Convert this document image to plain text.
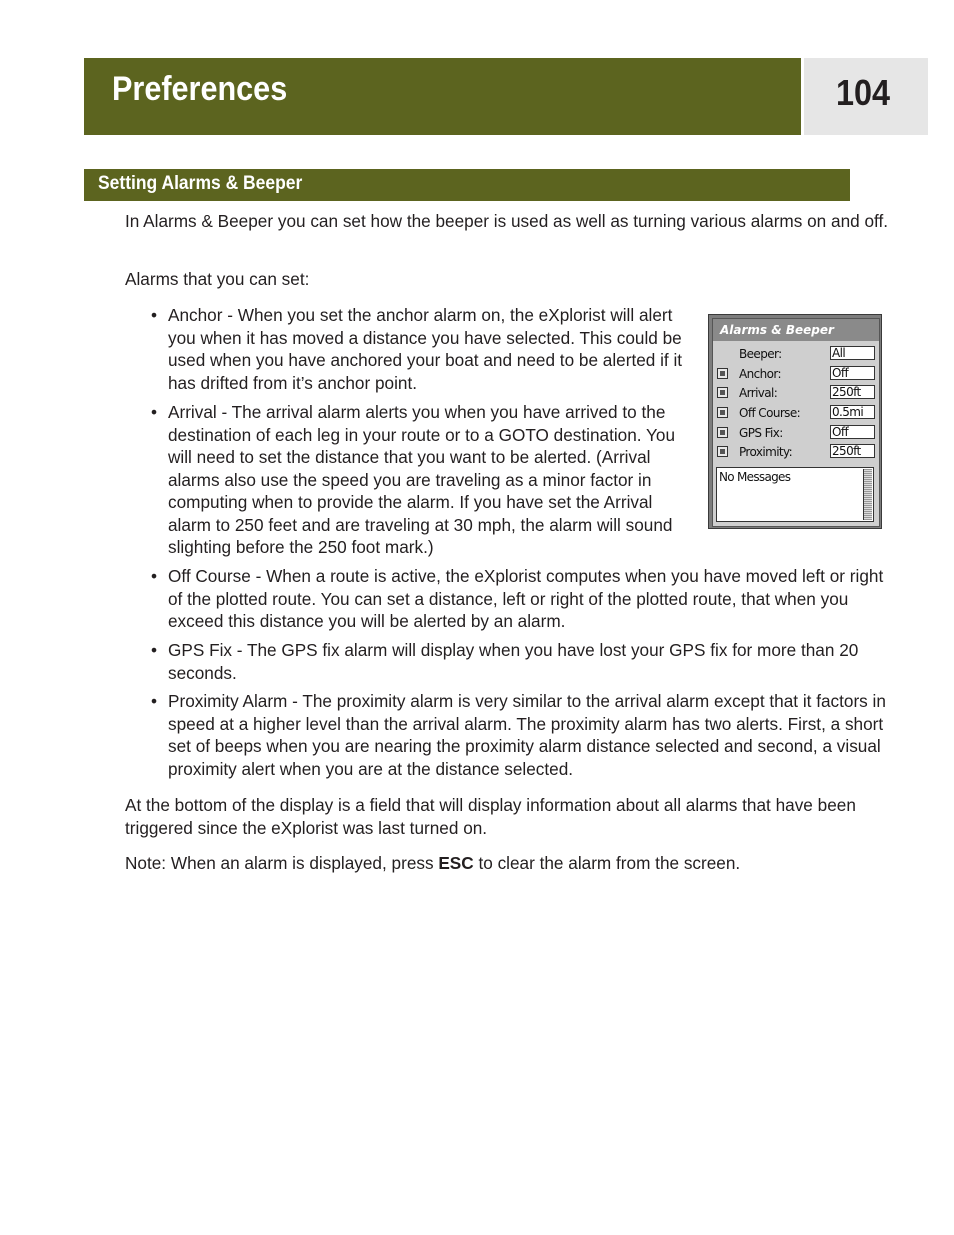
Preferences	104
Setting Alarms & Beeper

In Alarms & Beeper you can set how the beeper is used as well as turning various alarms on and off.

Alarms that you can set:

• Anchor - When you set the anchor alarm on, the eXplorist will alert you when it has moved a distance you have selected. This could be used when you have anchored your boat and need to be alerted if it has drifted from it’s anchor point.
• Arrival - The arrival alarm alerts you when you have arrived to the destination of each leg in your route or to a GOTO destination. You will need to set the distance that you want to be alerted. (Arrival alarms also use the speed you are traveling as a minor factor in computing when to provide the alarm. If you have set the Arrival alarm to 250 feet and are traveling at 30 mph, the alarm will sound slighting before the 250 foot mark.)
• Off Course - When a route is active, the eXplorist computes when you have moved left or right of the plotted route. You can set a distance, left or right of the plotted route, that when you exceed this distance you will be alerted by an alarm.
• GPS Fix - The GPS fix alarm will display when you have lost your GPS fix for more than 20 seconds.
• Proximity Alarm - The proximity alarm is very similar to the arrival alarm except that it factors in speed at a higher level than the arrival alarm. The proximity alarm has two alerts. First, a short set of beeps when you are nearing the proximity alarm distance selected and second, a visual proximity alert when you are at the distance selected.

At the bottom of the display is a field that will display information about all alarms that have been triggered since the eXplorist was last turned on.

Note: When an alarm is displayed, press ESC to clear the alarm from the screen.

Alarms & Beeper
Beeper:	All
Anchor:	Off
Arrival:	250ft
Off Course:	0.5mi
GPS Fix:	Off
Proximity:	250ft
No Messages
